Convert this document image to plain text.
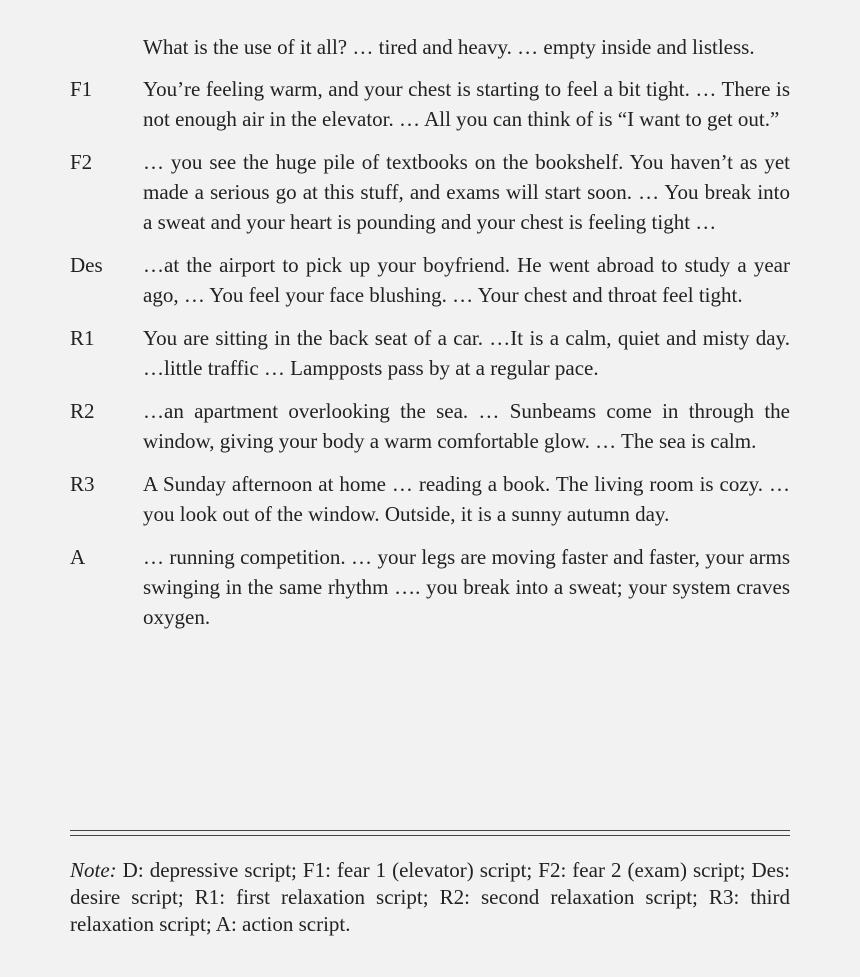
What is the use of it all? … tired and heavy. … empty inside and listless.
F1	You’re feeling warm, and your chest is starting to feel a bit tight. … There is not enough air in the elevator. … All you can think of is “I want to get out.”
F2	… you see the huge pile of textbooks on the bookshelf. You haven’t as yet made a serious go at this stuff, and exams will start soon. … You break into a sweat and your heart is pounding and your chest is feeling tight …
Des	…at the airport to pick up your boyfriend. He went abroad to study a year ago, … You feel your face blushing. … Your chest and throat feel tight.
R1	You are sitting in the back seat of a car. …It is a calm, quiet and misty day. …little traffic … Lampposts pass by at a regular pace.
R2	…an apartment overlooking the sea. … Sunbeams come in through the window, giving your body a warm comfortable glow. … The sea is calm.
R3	A Sunday afternoon at home … reading a book. The living room is cozy. … you look out of the window. Outside, it is a sunny autumn day.
A	… running competition. … your legs are moving faster and faster, your arms swinging in the same rhythm …. you break into a sweat; your system craves oxygen.
Note: D: depressive script; F1: fear 1 (elevator) script; F2: fear 2 (exam) script; Des: desire script; R1: first relaxation script; R2: second relaxation script; R3: third relaxation script; A: action script.
